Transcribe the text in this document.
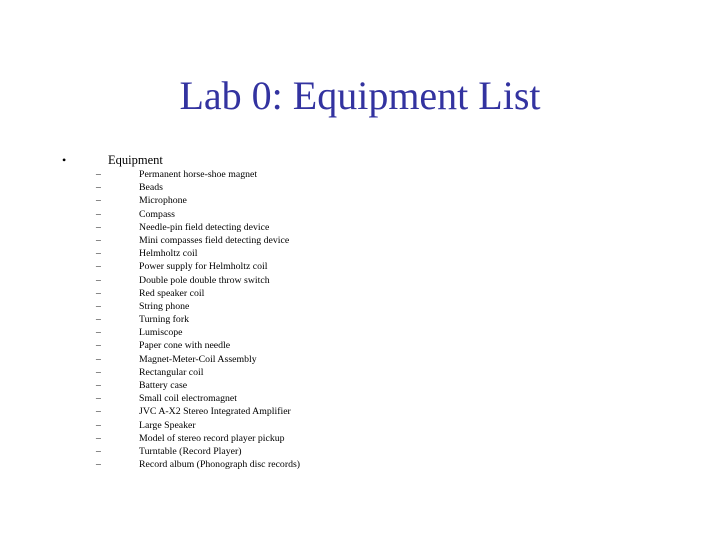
Lab 0: Equipment List
•	Equipment
–	Permanent horse-shoe magnet
–	Beads
–	Microphone
–	Compass
–	Needle-pin field detecting device
–	Mini compasses field detecting device
–	Helmholtz coil
–	Power supply for Helmholtz coil
–	Double pole double throw switch
–	Red speaker coil
–	String phone
–	Turning fork
–	Lumiscope
–	Paper cone with needle
–	Magnet-Meter-Coil Assembly
–	Rectangular coil
–	Battery case
–	Small coil electromagnet
–	JVC A-X2 Stereo Integrated Amplifier
–	Large Speaker
–	Model of stereo record player pickup
–	Turntable (Record Player)
–	Record album (Phonograph disc records)
